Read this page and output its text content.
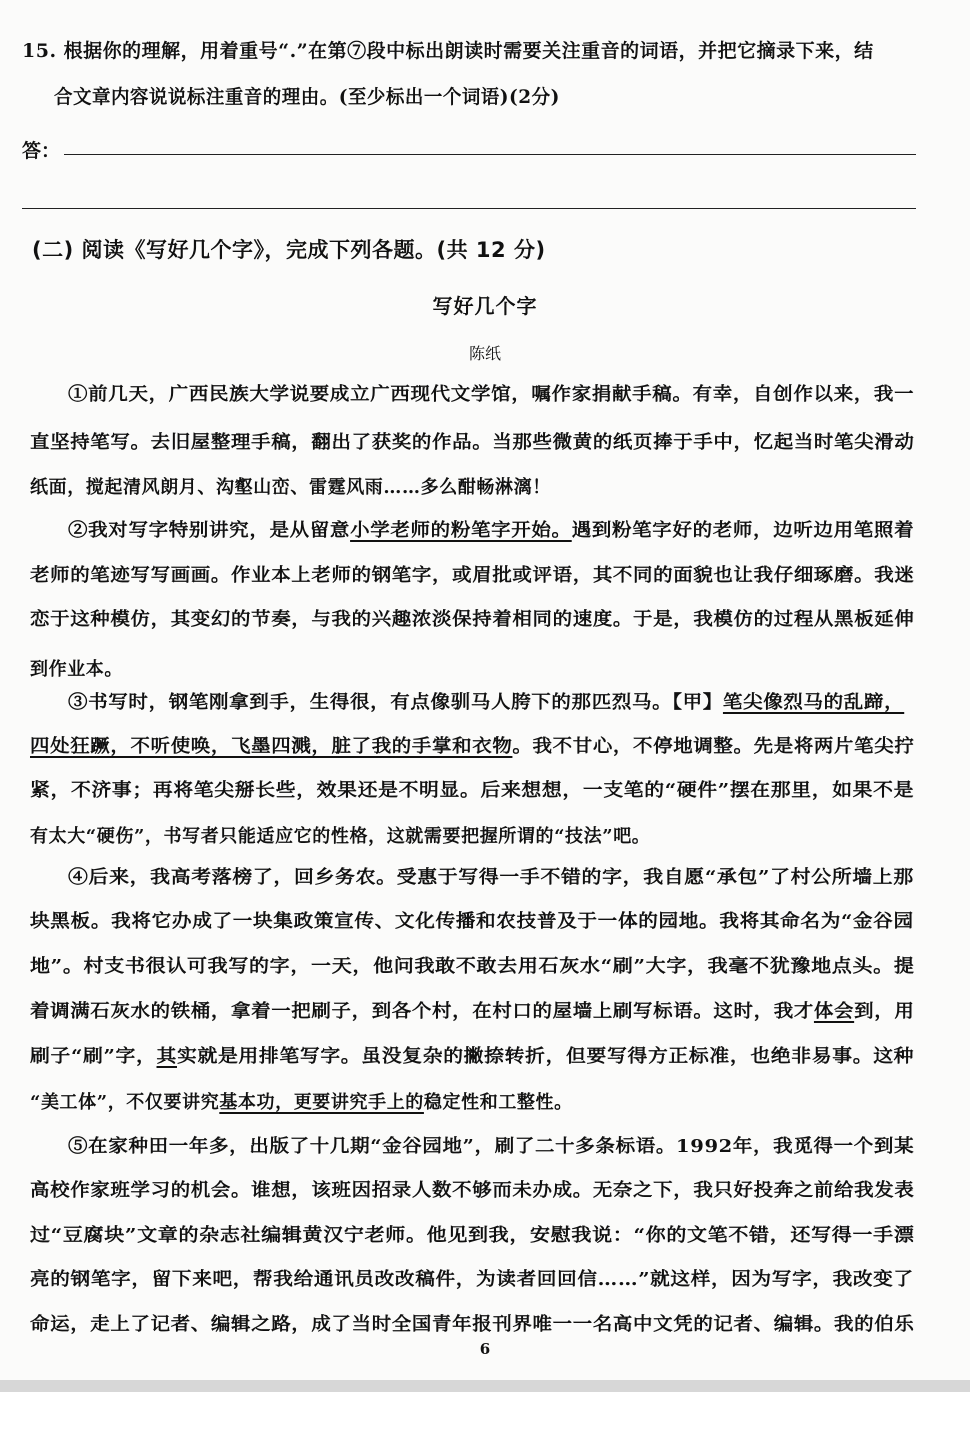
15. 根据你的理解，用着重号“.”在第⑦段中标出朗读时需要关注重音的词语，并把它摘录下来，结
合文章内容说说标注重音的理由。(至少标出一个词语)(2分)
答：
(二) 阅读《写好几个字》，完成下列各题。(共 12 分)
写好几个字
陈纸
①前几天，广西民族大学说要成立广西现代文学馆，嘱作家捐献手稿。有幸，自创作以来，我一
直坚持笔写。去旧屋整理手稿，翻出了获奖的作品。当那些微黄的纸页捧于手中，忆起当时笔尖滑动
纸面，搅起清风朗月、沟壑山峦、雷霆风雨……多么酣畅淋漓！
②我对写字特别讲究，是从留意小学老师的粉笔字开始。遇到粉笔字好的老师，边听边用笔照着
老师的笔迹写写画画。作业本上老师的钢笔字，或眉批或评语，其不同的面貌也让我仔细琢磨。我迷
恋于这种模仿，其变幻的节奏，与我的兴趣浓淡保持着相同的速度。于是，我模仿的过程从黑板延伸
到作业本。
③书写时，钢笔刚拿到手，生得很，有点像驯马人胯下的那匹烈马。【甲】笔尖像烈马的乱蹄，
四处狂蹶，不听使唤，飞墨四溅，脏了我的手掌和衣物。我不甘心，不停地调整。先是将两片笔尖拧
紧，不济事；再将笔尖掰长些，效果还是不明显。后来想想，一支笔的“硬件”摆在那里，如果不是
有太大“硬伤”，书写者只能适应它的性格，这就需要把握所谓的“技法”吧。
④后来，我高考落榜了，回乡务农。受惠于写得一手不错的字，我自愿“承包”了村公所墙上那
块黑板。我将它办成了一块集政策宣传、文化传播和农技普及于一体的园地。我将其命名为“金谷园
地”。村支书很认可我写的字，一天，他问我敢不敢去用石灰水“刷”大字，我毫不犹豫地点头。提
着调满石灰水的铁桶，拿着一把刷子，到各个村，在村口的屋墙上刷写标语。这时，我才体会到，用
刷子“刷”字，其实就是用排笔写字。虽没复杂的撇捺转折，但要写得方正标准，也绝非易事。这种
“美工体”，不仅要讲究基本功，更要讲究手上的稳定性和工整性。
⑤在家种田一年多，出版了十几期“金谷园地”，刷了二十多条标语。1992年，我觅得一个到某
高校作家班学习的机会。谁想，该班因招录人数不够而未办成。无奈之下，我只好投奔之前给我发表
过“豆腐块”文章的杂志社编辑黄汉宁老师。他见到我，安慰我说：“你的文笔不错，还写得一手漂
亮的钢笔字，留下来吧，帮我给通讯员改改稿件，为读者回回信……”就这样，因为写字，我改变了
命运，走上了记者、编辑之路，成了当时全国青年报刊界唯一一名高中文凭的记者、编辑。我的伯乐
6
